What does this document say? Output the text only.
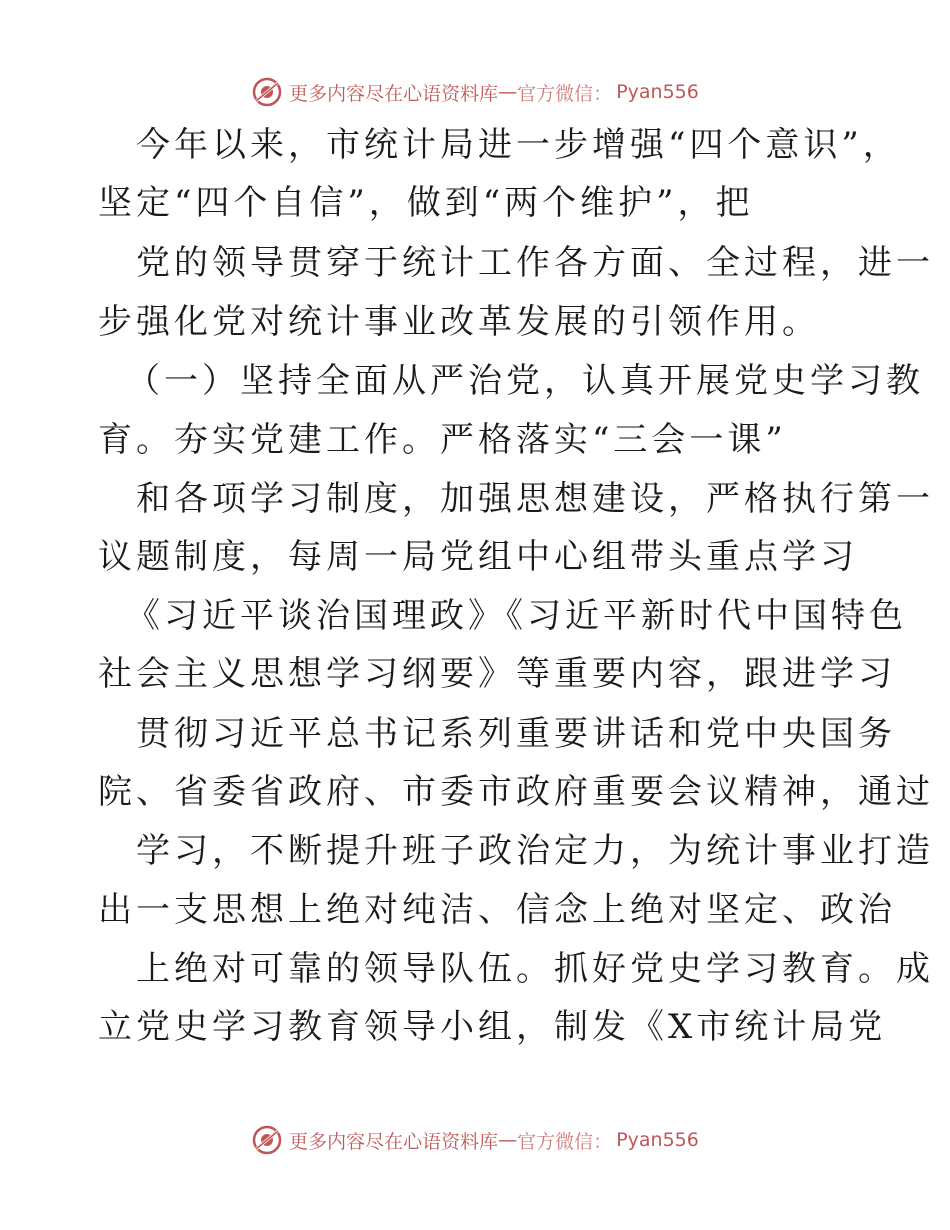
更多内容尽在心语资料库 — 官方微信： Pyan556
今年以来，市统计局进一步增强“四个意识”，
坚定“四个自信”，做到“两个维护”，把
党的领导贯穿于统计工作各方面、全过程，进一
步强化党对统计事业改革发展的引领作用。
（一）坚持全面从严治党，认真开展党史学习教
育。夯实党建工作。严格落实“三会一课”
和各项学习制度，加强思想建设，严格执行第一
议题制度，每周一局党组中心组带头重点学习
《习近平谈治国理政》《习近平新时代中国特色
社会主义思想学习纲要》等重要内容，跟进学习
贯彻习近平总书记系列重要讲话和党中央国务
院、省委省政府、市委市政府重要会议精神，通过
学习，不断提升班子政治定力，为统计事业打造
出一支思想上绝对纯洁、信念上绝对坚定、政治
上绝对可靠的领导队伍。抓好党史学习教育。成
立党史学习教育领导小组，制发《X市统计局党
更多内容尽在心语资料库 — 官方微信： Pyan556
